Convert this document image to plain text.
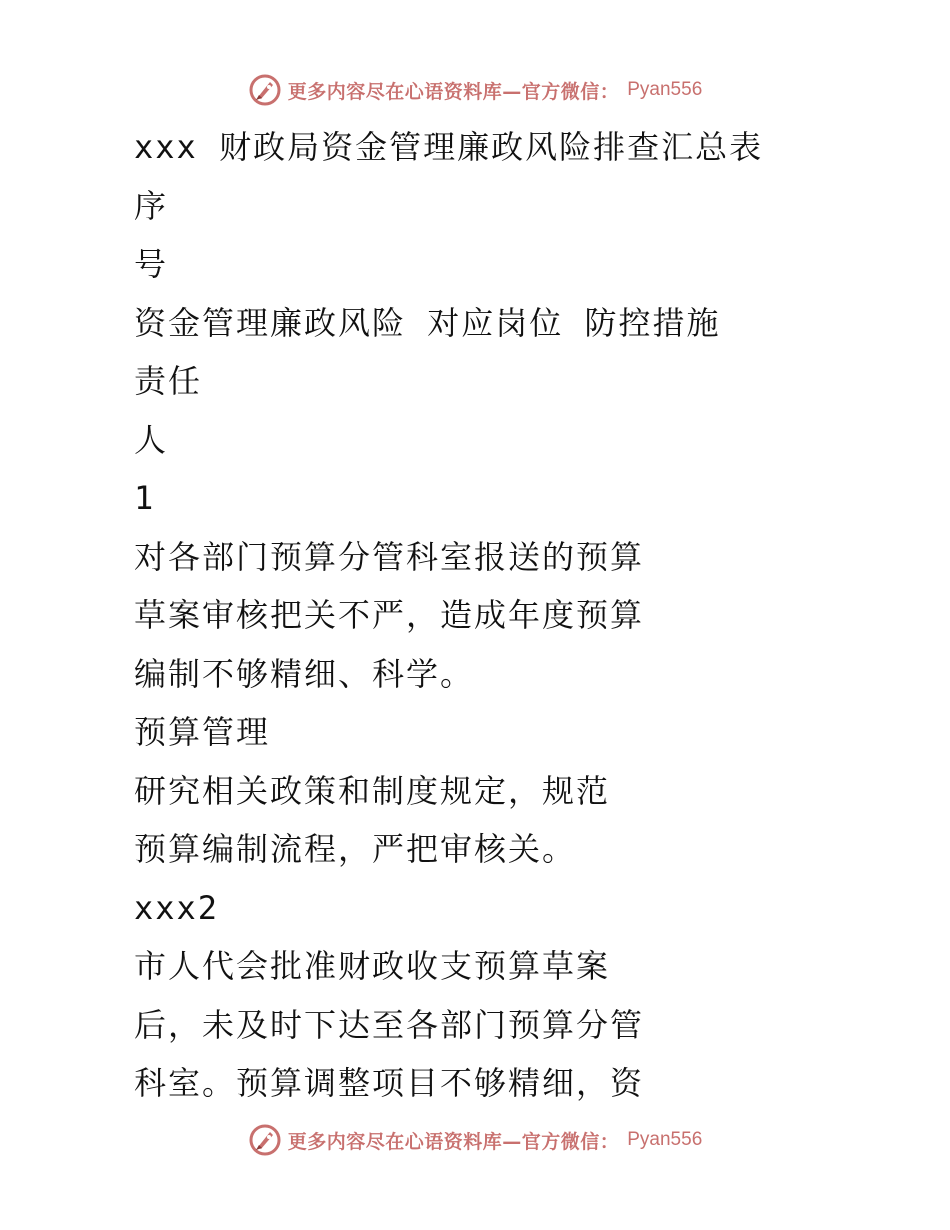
更多内容尽在心语资料库—官方微信： Pyan556
xxx 财政局资金管理廉政风险排查汇总表
序
号
资金管理廉政风险 对应岗位 防控措施
责任
人
1
对各部门预算分管科室报送的预算
草案审核把关不严，造成年度预算
编制不够精细、科学。
预算管理
研究相关政策和制度规定，规范
预算编制流程，严把审核关。
xxx2
市人代会批准财政收支预算草案
后，未及时下达至各部门预算分管
科室。预算调整项目不够精细，资
更多内容尽在心语资料库—官方微信： Pyan556
